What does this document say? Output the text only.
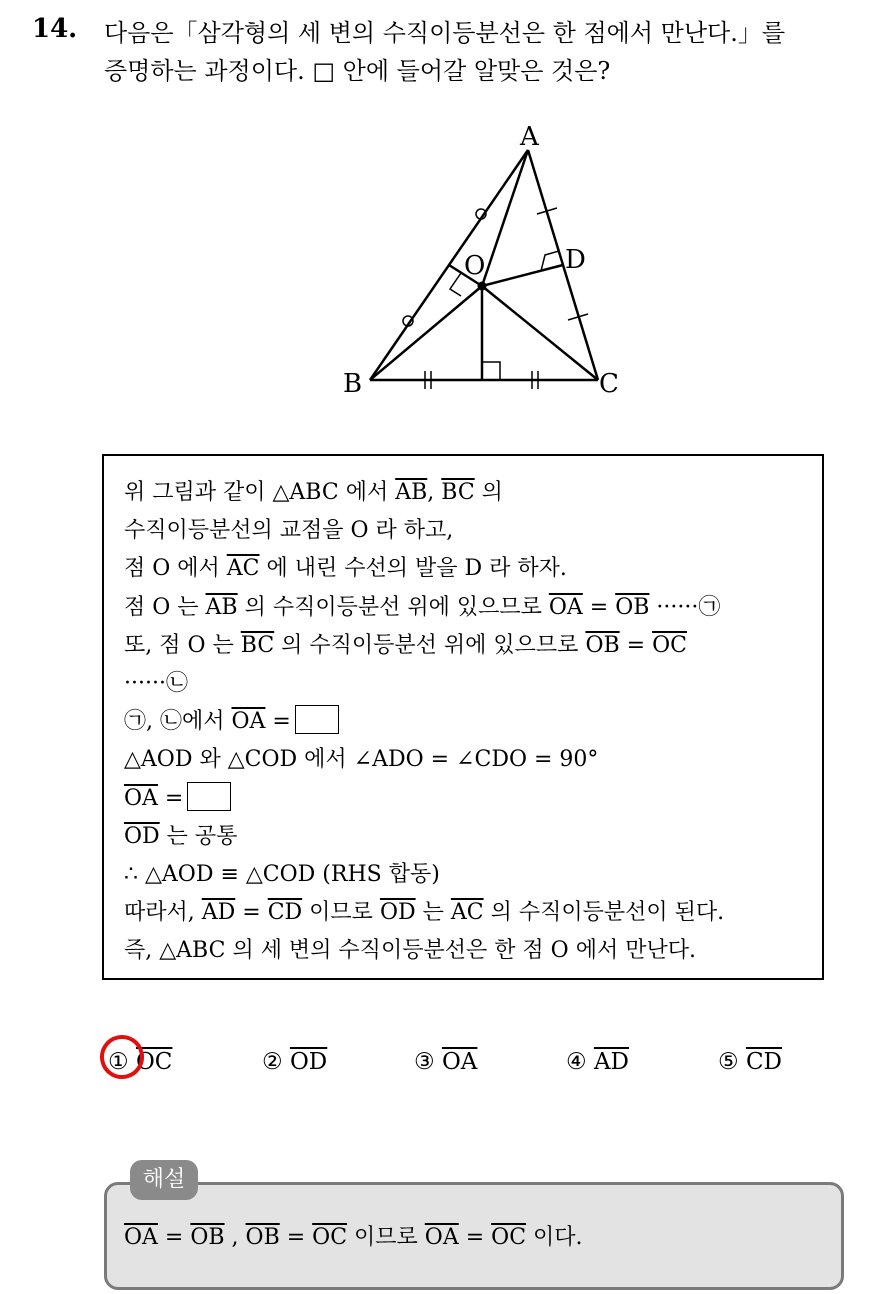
14. 다음은「삼각형의 세 변의 수직이등분선은 한 점에서 만난다.」를
증명하는 과정이다. □ 안에 들어갈 알맞은 것은?
A
B	C
D
O
위 그림과 같이 △ABC 에서 $\overline{AB}$, $\overline{BC}$ 의
수직이등분선의 교점을 O 라 하고,
점 O 에서 $\overline{AC}$ 에 내린 수선의 발을 D 라 하자.
점 O 는 $\overline{AB}$ 의 수직이등분선 위에 있으므로 $\overline{OA} = \overline{OB}$ ······㉠
또, 점 O 는 $\overline{BC}$ 의 수직이등분선 위에 있으므로 $\overline{OB} = \overline{OC}$
······㉡
㉠, ㉡에서 $\overline{OA}$ =
△AOD 와 △COD 에서 ∠ADO = ∠CDO = 90°
$\overline{OA}$ =
$\overline{OD}$ 는 공통
∴ △AOD ≡ △COD (RHS 합동)
따라서, $\overline{AD} = \overline{CD}$ 이므로 $\overline{OD}$ 는 $\overline{AC}$ 의 수직이등분선이 된다.
즉, △ABC 의 세 변의 수직이등분선은 한 점 O 에서 만난다.
① $\overline{OC}$	② $\overline{OD}$	③ $\overline{OA}$	④ $\overline{AD}$	⑤ $\overline{CD}$
해설
$\overline{OA} = \overline{OB}$ , $\overline{OB} = \overline{OC}$ 이므로 $\overline{OA} = \overline{OC}$ 이다.
